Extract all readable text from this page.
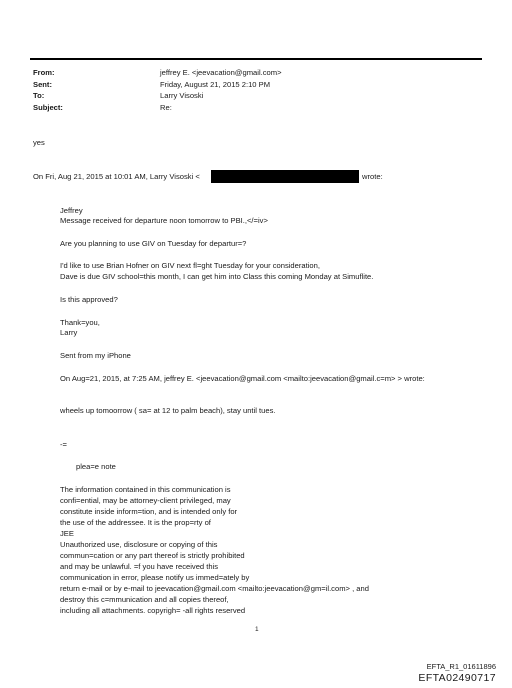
From:	jeffrey E. <jeevacation@gmail.com>
Sent:	Friday, August 21, 2015 2:10 PM
To:	Larry Visoski
Subject:	Re:
yes
On Fri, Aug 21, 2015 at 10:01 AM, Larry Visoski <	wrote:
Jeffrey
Message received for departure noon tomorrow to PBI.,</=iv>
Are you planning to use GIV on Tuesday for departur=?
I'd like to use Brian Hofner on GIV next fl=ght Tuesday for your consideration,
Dave is due GIV school=this month, I can get him into Class this coming Monday at Simuflite.
Is this approved?
Thank=you,
Larry
Sent from my iPhone
On Aug=21, 2015, at 7:25 AM, jeffrey E. <jeevacation@gmail.com <mailto:jeevacation@gmail.c=m> > wrote:
wheels up tomoorrow ( sa= at 12 to palm beach), stay until tues.
-=
plea=e note
The information contained in this communication is
confi=ential, may be attorney-client privileged, may
constitute inside inform=tion, and is intended only for
the use of the addressee. It is the prop=rty of
JEE
Unauthorized use, disclosure or copying of this
commun=cation or any part thereof is strictly prohibited
and may be unlawful. =f you have received this
communication in error, please notify us immed=ately by
return e-mail or by e-mail to jeevacation@gmail.com <mailto:jeevacation@gm=il.com> , and
destroy this c=mmunication and all copies thereof,
including all attachments. copyrigh= -all rights reserved
1
EFTA_R1_01611896
EFTA02490717
